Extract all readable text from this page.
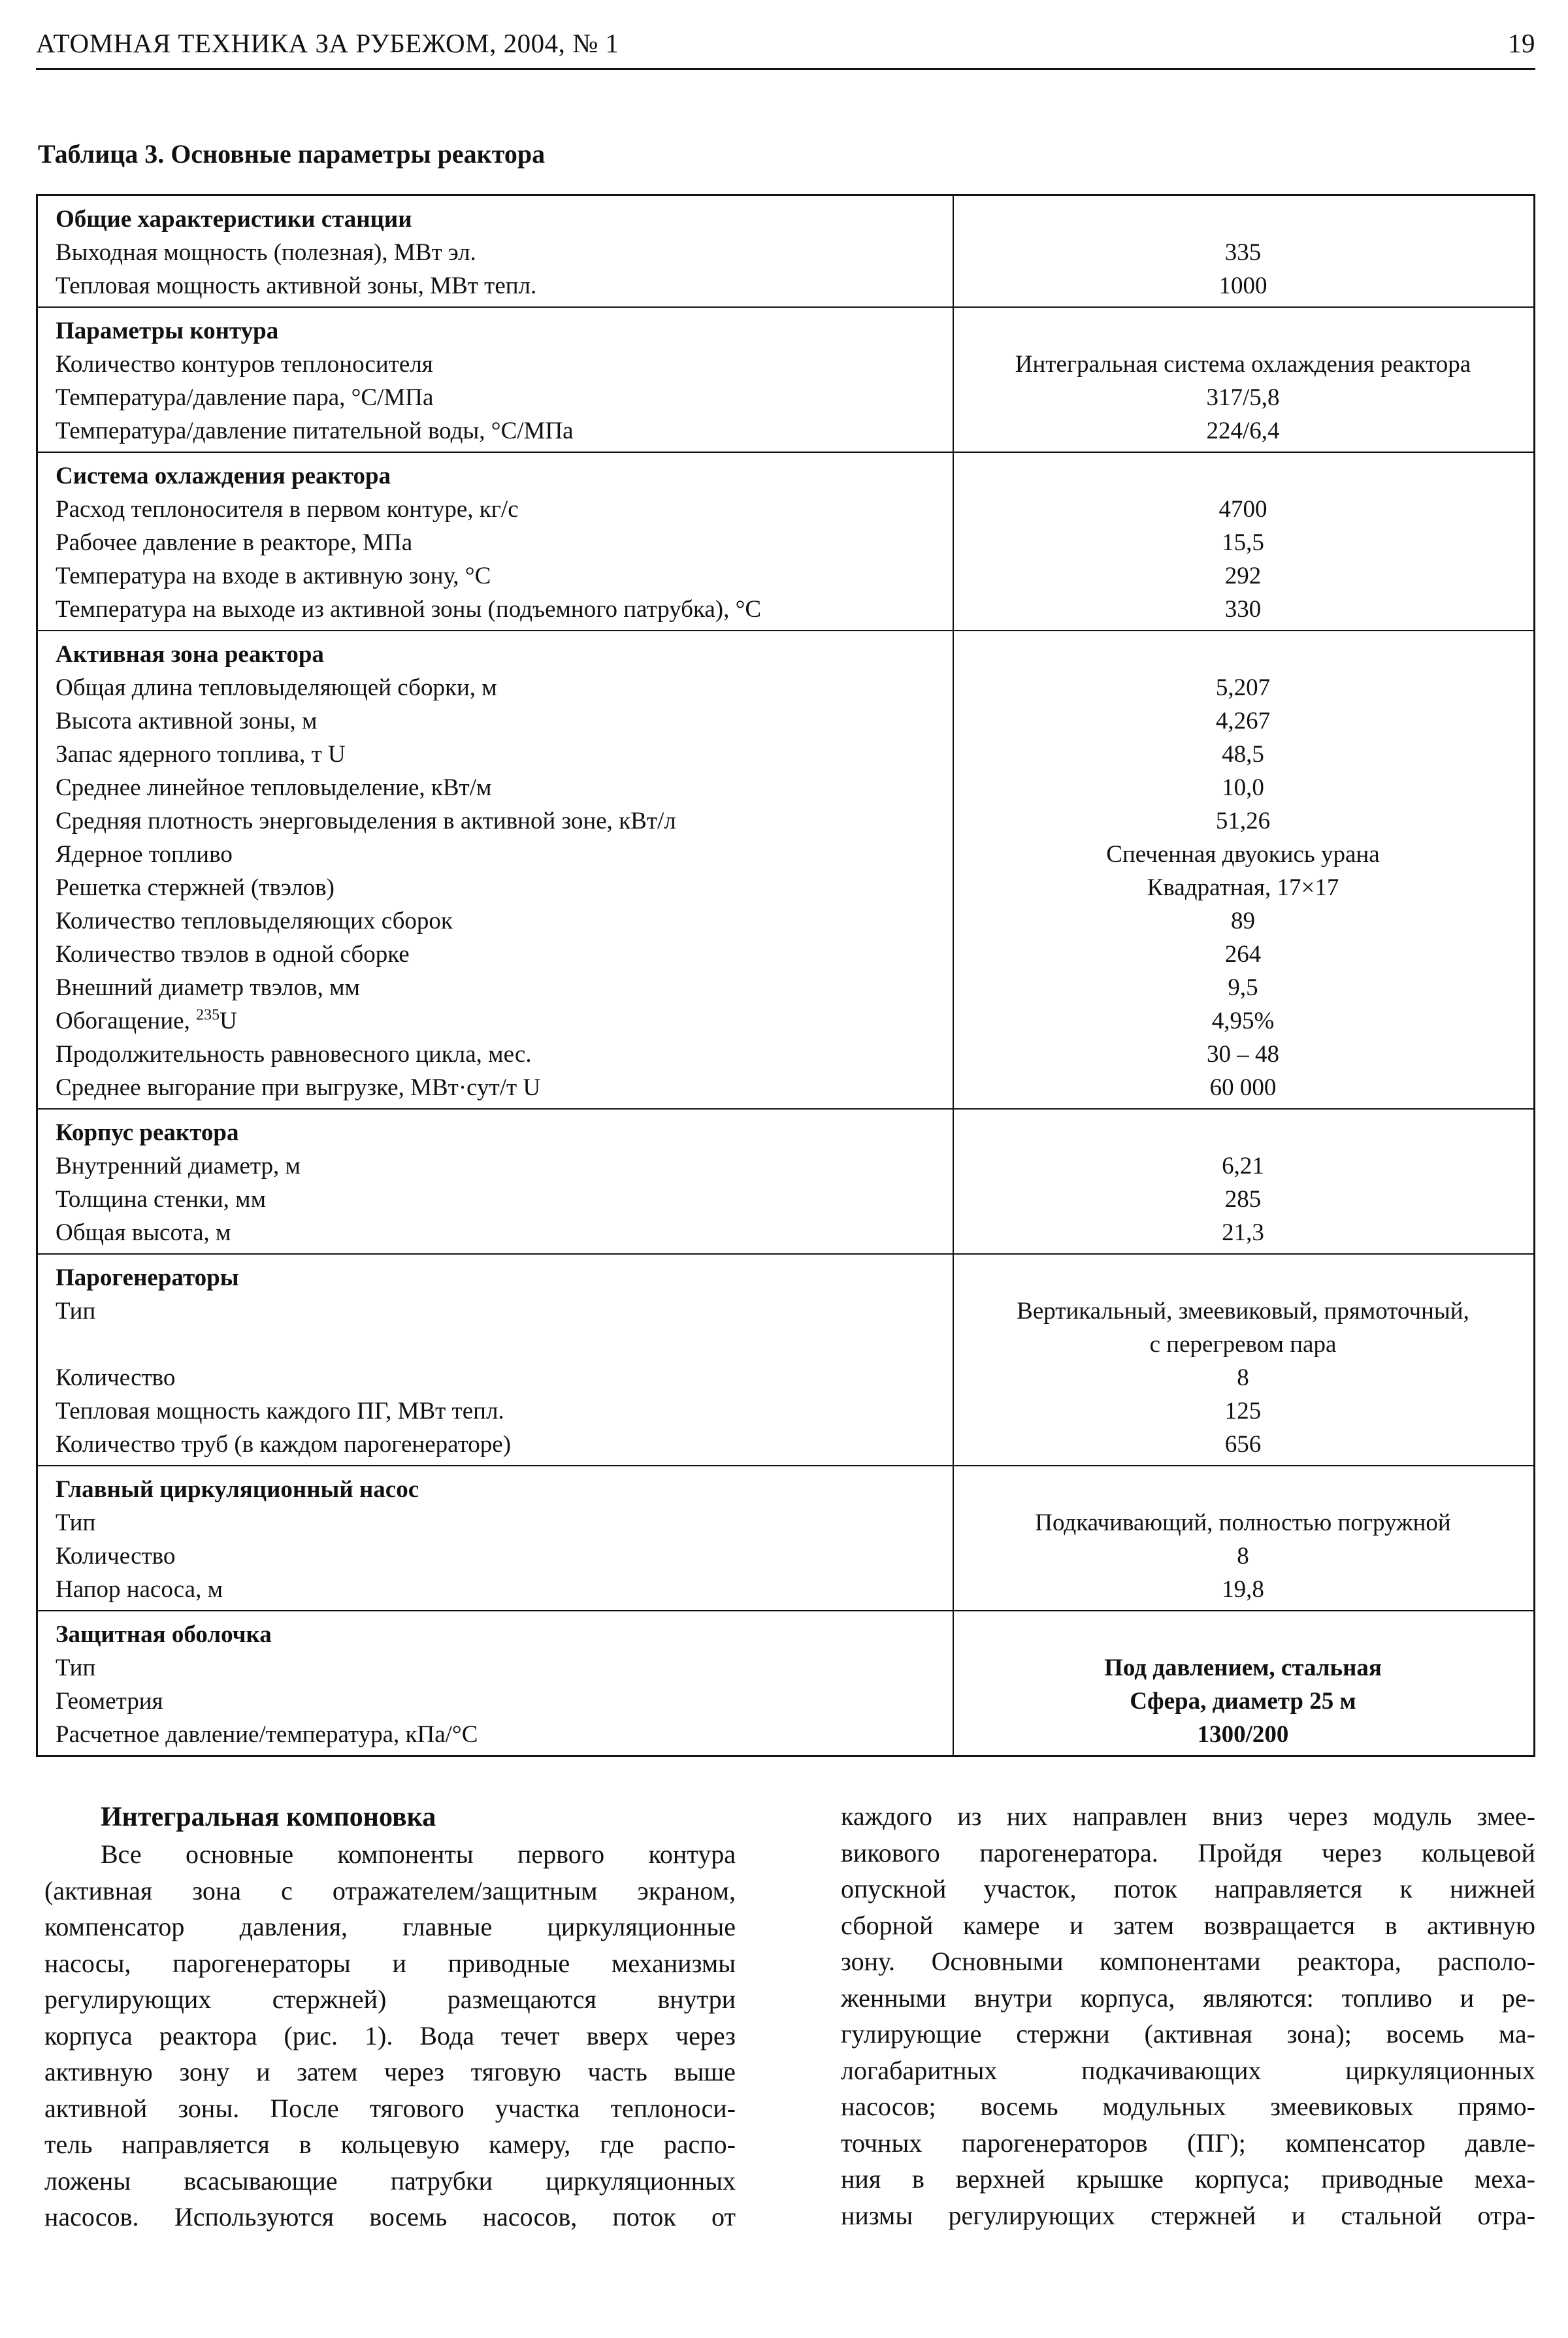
АТОМНАЯ ТЕХНИКА ЗА РУБЕЖОМ, 2004, № 1	19
Таблица 3. Основные параметры реактора
Общие характеристики станции
Выходная мощность (полезная), МВт эл.	335
Тепловая мощность активной зоны, МВт тепл.	1000
Параметры контура
Количество контуров теплоносителя	Интегральная система охлаждения реактора
Температура/давление пара, °С/МПа	317/5,8
Температура/давление питательной воды, °С/МПа	224/6,4
Система охлаждения реактора
Расход теплоносителя в первом контуре, кг/с	4700
Рабочее давление в реакторе, МПа	15,5
Температура на входе в активную зону, °С	292
Температура на выходе из активной зоны (подъемного патрубка), °С	330
Активная зона реактора
Общая длина тепловыделяющей сборки, м	5,207
Высота активной зоны, м	4,267
Запас ядерного топлива, т U	48,5
Среднее линейное тепловыделение, кВт/м	10,0
Средняя плотность энерговыделения в активной зоне, кВт/л	51,26
Ядерное топливо	Спеченная двуокись урана
Решетка стержней (твэлов)	Квадратная, 17×17
Количество тепловыделяющих сборок	89
Количество твэлов в одной сборке	264
Внешний диаметр твэлов, мм	9,5
Обогащение, $^{235}$U	4,95%
Продолжительность равновесного цикла, мес.	30 – 48
Среднее выгорание при выгрузке, МВт·сут/т U	60 000
Корпус реактора
Внутренний диаметр, м	6,21
Толщина стенки, мм	285
Общая высота, м	21,3
Парогенераторы
Тип	Вертикальный, змеевиковый, прямоточный,
с перегревом пара
Количество	8
Тепловая мощность каждого ПГ, МВт тепл.	125
Количество труб (в каждом парогенераторе)	656
Главный циркуляционный насос
Тип	Подкачивающий, полностью погружной
Количество	8
Напор насоса, м	19,8
Защитная оболочка
Тип	Под давлением, стальная
Геометрия	Сфера, диаметр 25 м
Расчетное давление/температура, кПа/°С	1300/200
Интегральная компоновка
Все основные компоненты первого контура
(активная зона с отражателем/защитным экраном,
компенсатор давления, главные циркуляционные
насосы, парогенераторы и приводные механизмы
регулирующих стержней) размещаются внутри
корпуса реактора (рис. 1). Вода течет вверх через
активную зону и затем через тяговую часть выше
активной зоны. После тягового участка теплоноси-
тель направляется в кольцевую камеру, где распо-
ложены всасывающие патрубки циркуляционных
насосов. Используются восемь насосов, поток от
каждого из них направлен вниз через модуль змее-
викового парогенератора. Пройдя через кольцевой
опускной участок, поток направляется к нижней
сборной камере и затем возвращается в активную
зону. Основными компонентами реактора, располо-
женными внутри корпуса, являются: топливо и ре-
гулирующие стержни (активная зона); восемь ма-
логабаритных	подкачивающих	циркуляционных
насосов; восемь модульных змеевиковых прямо-
точных парогенераторов (ПГ); компенсатор давле-
ния в верхней крышке корпуса; приводные меха-
низмы регулирующих стержней и стальной отра-
